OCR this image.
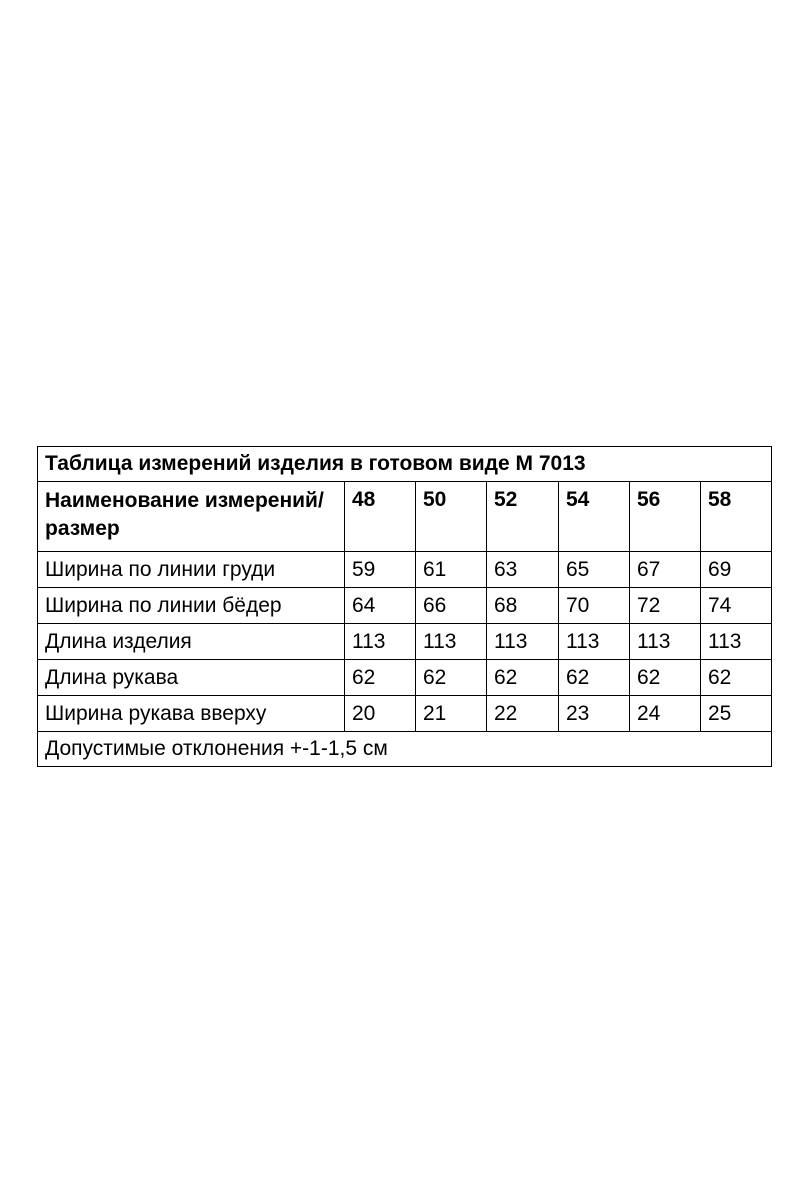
Таблица измерений изделия в готовом виде М 7013						
Наименование измерений/размер	48	50	52	54	56	58
Ширина по линии груди	59	61	63	65	67	69
Ширина по линии бёдер	64	66	68	70	72	74
Длина изделия	113	113	113	113	113	113
Длина рукава	62	62	62	62	62	62
Ширина рукава вверху	20	21	22	23	24	25
Допустимые отклонения +-1-1,5 см						
